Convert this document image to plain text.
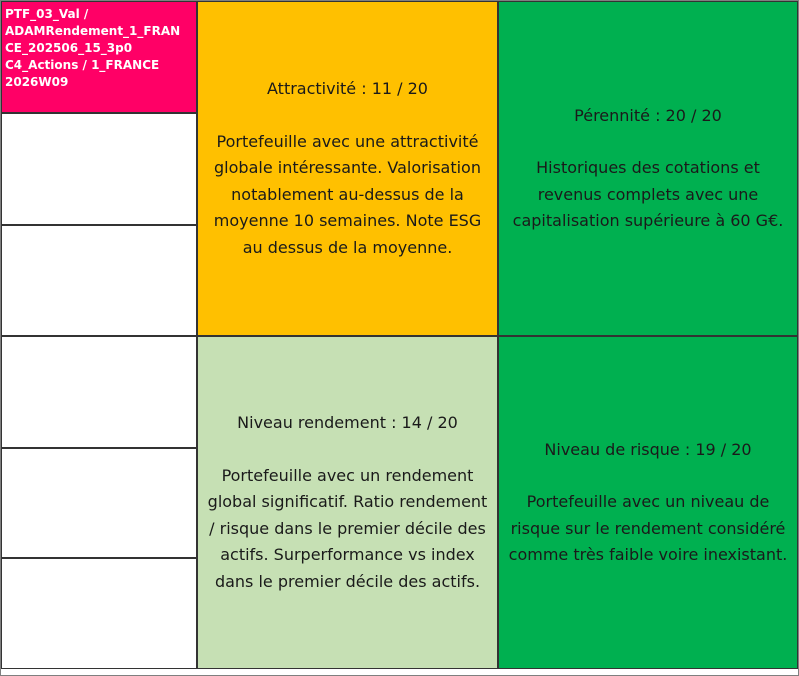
PTF_03_Val /
ADAMRendement_1_FRAN
CE_202506_15_3p0
C4_Actions / 1_FRANCE
2026W09	Attractivité : 11 / 20
Portefeuille avec une attractivité globale intéressante. Valorisation notablement au-dessus de la moyenne 10 semaines. Note ESG au dessus de la moyenne.
Pérennité : 20 / 20
Historiques des cotations et revenus complets avec une capitalisation supérieure à 60 G€.
Niveau rendement : 14 / 20
Portefeuille avec un rendement global significatif. Ratio rendement / risque dans le premier décile des actifs. Surperformance vs index dans le premier décile des actifs.
Niveau de risque : 19 / 20
Portefeuille avec un niveau de risque sur le rendement considéré comme très faible voire inexistant.
